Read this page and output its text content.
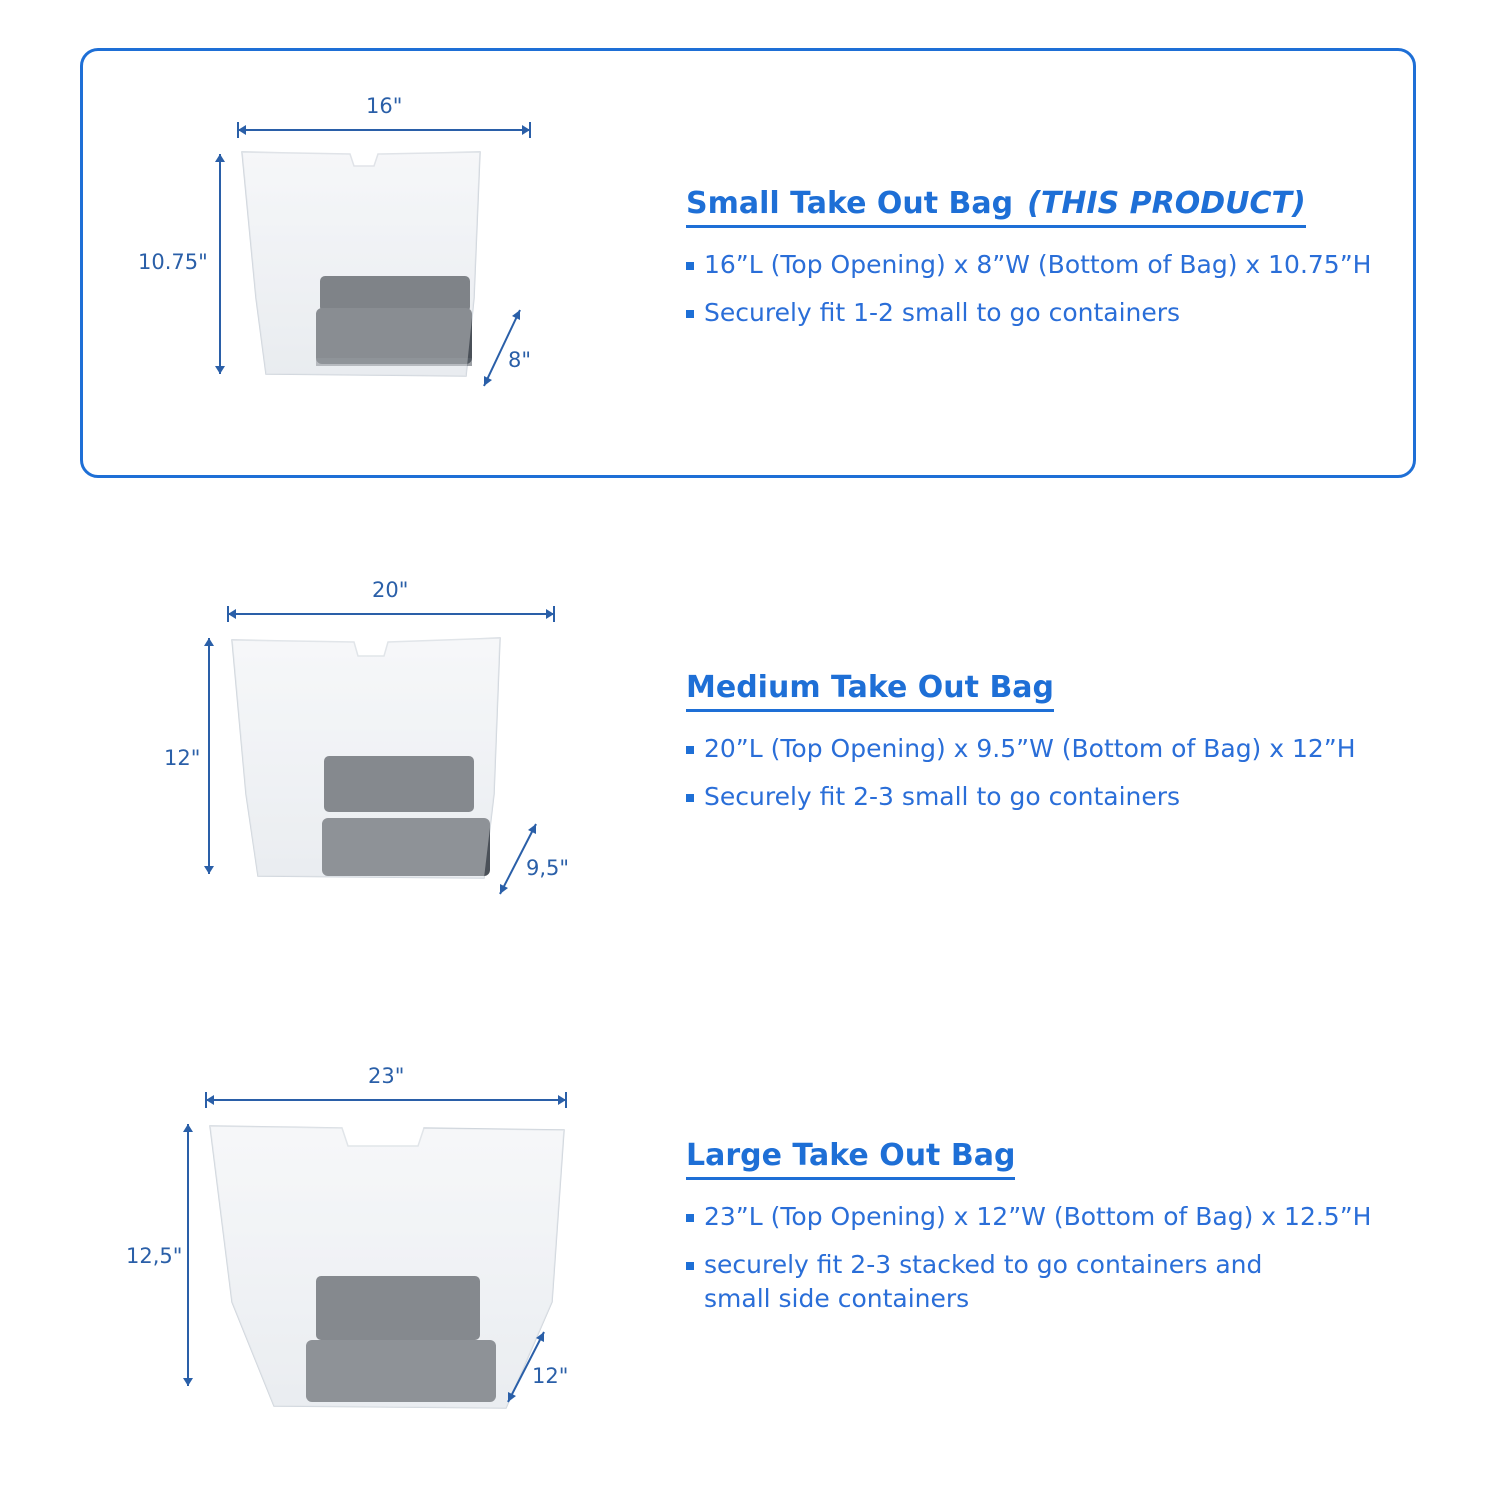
16"
10.75"
8"
Small Take Out Bag (THIS PRODUCT)
16”L (Top Opening) x 8”W (Bottom of Bag) x 10.75”H
Securely fit 1-2 small to go containers
20"
12"
9,5"
Medium Take Out Bag
20”L (Top Opening) x 9.5”W (Bottom of Bag) x 12”H
Securely fit 2-3 small to go containers
23"
12,5"
12"
Large Take Out Bag
23”L (Top Opening) x 12”W (Bottom of Bag) x 12.5”H
securely fit 2-3 stacked to go containers and
small side containers
